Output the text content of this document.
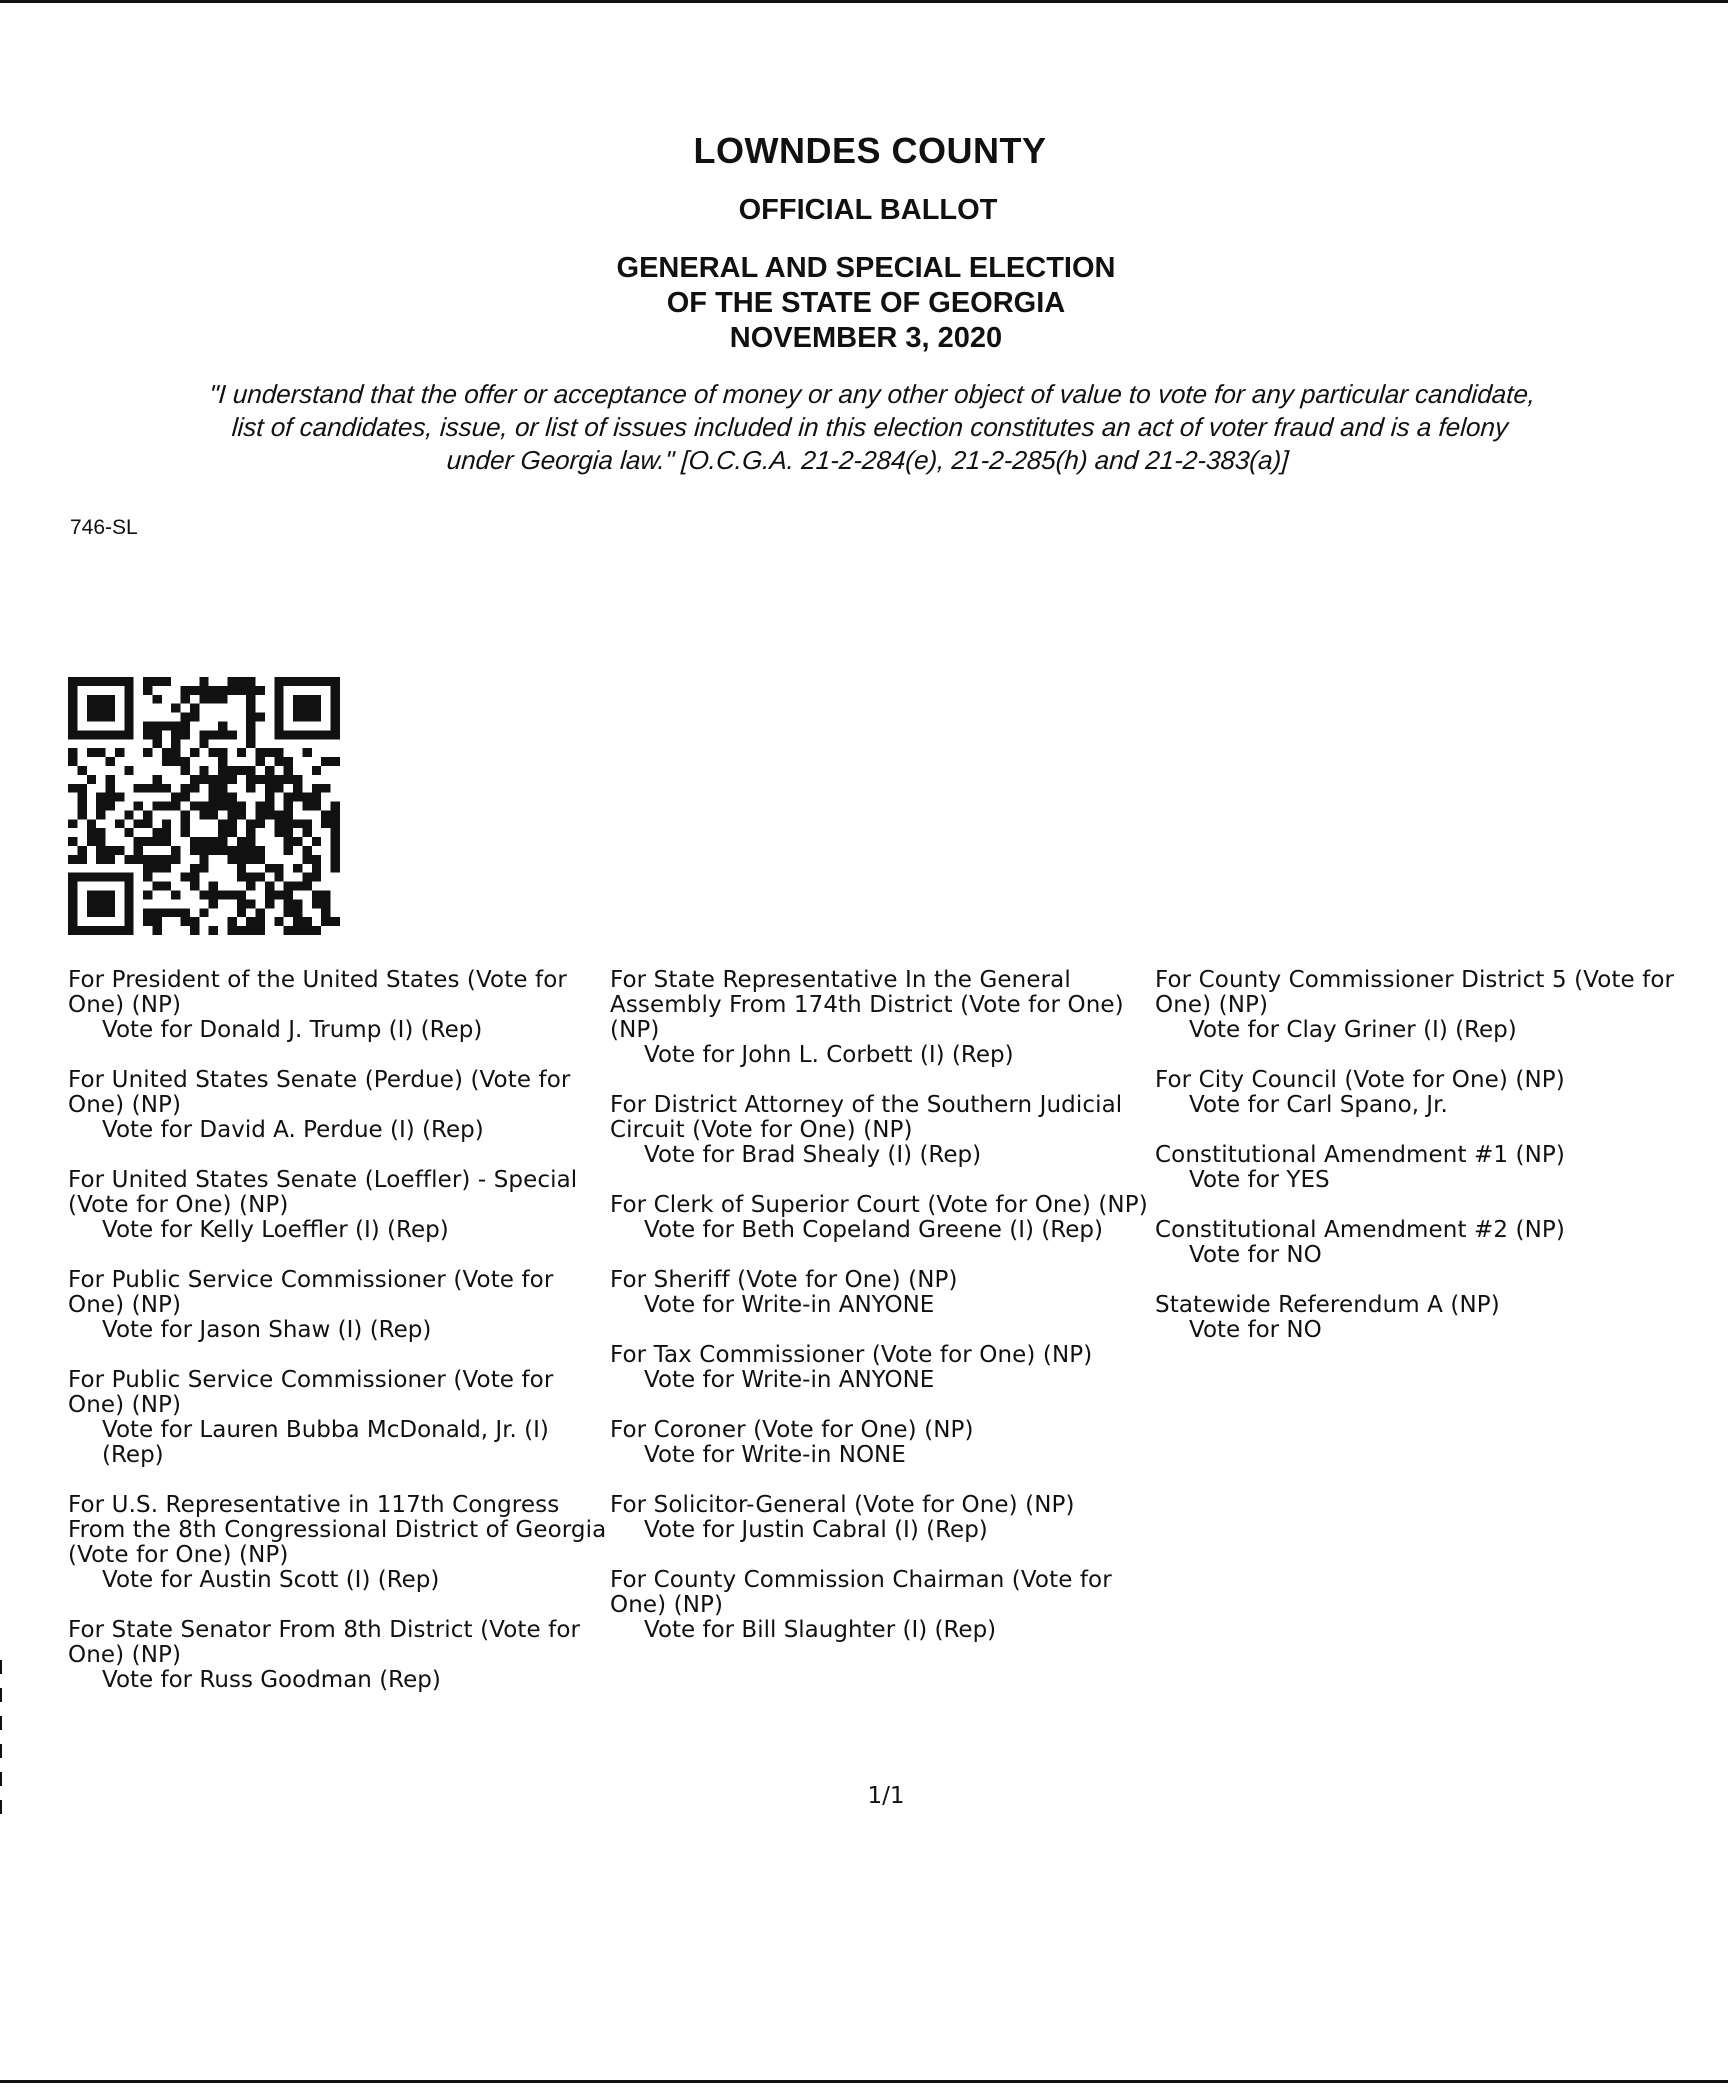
LOWNDES COUNTY
OFFICIAL BALLOT
GENERAL AND SPECIAL ELECTION
OF THE STATE OF GEORGIA
NOVEMBER 3, 2020
"I understand that the offer or acceptance of money or any other object of value to vote for any particular candidate,
list of candidates, issue, or list of issues included in this election constitutes an act of voter fraud and is a felony
under Georgia law." [O.C.G.A. 21-2-284(e), 21-2-285(h) and 21-2-383(a)]
746-SL
For President of the United States (Vote for One) (NP)
Vote for Donald J. Trump (I) (Rep)
For United States Senate (Perdue) (Vote for One) (NP)
Vote for David A. Perdue (I) (Rep)
For United States Senate (Loeffler) - Special (Vote for One) (NP)
Vote for Kelly Loeffler (I) (Rep)
For Public Service Commissioner (Vote for One) (NP)
Vote for Jason Shaw (I) (Rep)
For Public Service Commissioner (Vote for One) (NP)
Vote for Lauren Bubba McDonald, Jr. (I) (Rep)
For U.S. Representative in 117th Congress From the 8th Congressional District of Georgia (Vote for One) (NP)
Vote for Austin Scott (I) (Rep)
For State Senator From 8th District (Vote for One) (NP)
Vote for Russ Goodman (Rep)
For State Representative In the General Assembly From 174th District (Vote for One) (NP)
Vote for John L. Corbett (I) (Rep)
For District Attorney of the Southern Judicial Circuit (Vote for One) (NP)
Vote for Brad Shealy (I) (Rep)
For Clerk of Superior Court (Vote for One) (NP)
Vote for Beth Copeland Greene (I) (Rep)
For Sheriff (Vote for One) (NP)
Vote for Write-in ANYONE
For Tax Commissioner (Vote for One) (NP)
Vote for Write-in ANYONE
For Coroner (Vote for One) (NP)
Vote for Write-in NONE
For Solicitor-General (Vote for One) (NP)
Vote for Justin Cabral (I) (Rep)
For County Commission Chairman (Vote for One) (NP)
Vote for Bill Slaughter (I) (Rep)
For County Commissioner District 5 (Vote for One) (NP)
Vote for Clay Griner (I) (Rep)
For City Council (Vote for One) (NP)
Vote for Carl Spano, Jr.
Constitutional Amendment #1 (NP)
Vote for YES
Constitutional Amendment #2 (NP)
Vote for NO
Statewide Referendum A (NP)
Vote for NO
1/1
